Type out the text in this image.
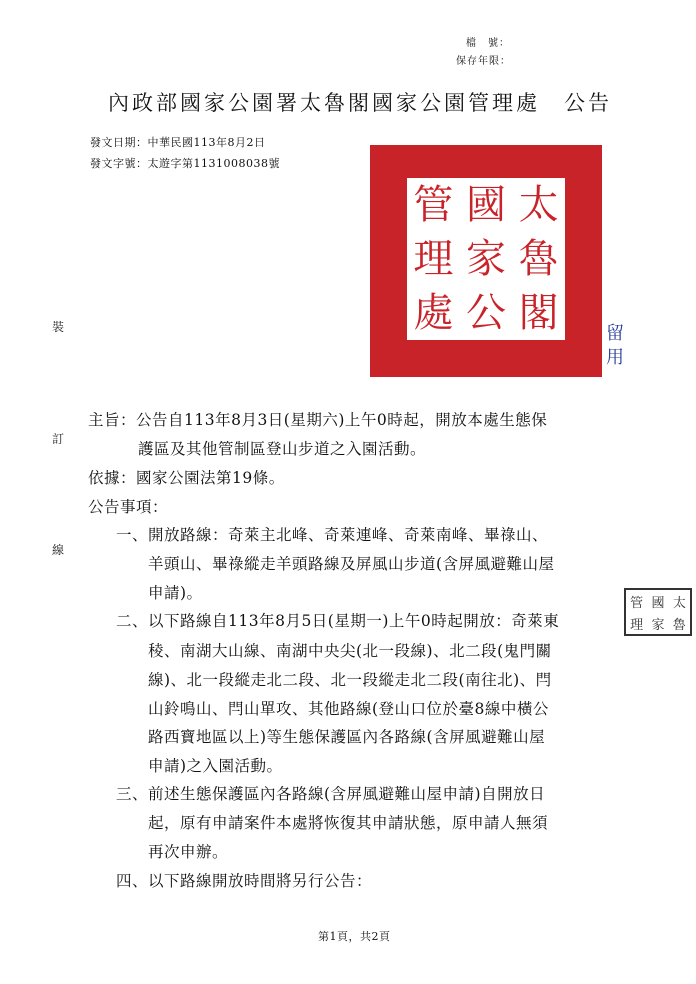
檔　號：
保存年限：
內政部國家公園署太魯閣國家公園管理處　公告
發文日期：中華民國113年8月2日
發文字號：太遊字第1131008038號
裝
訂
線
管 國 太
理 家 魯
處 公 閣	留用
管 國 太
理 家 魯
主旨：公告自113年8月3日(星期六)上午0時起，開放本處生態保
護區及其他管制區登山步道之入園活動。
依據：國家公園法第19條。
公告事項：
一、開放路線：奇萊主北峰、奇萊連峰、奇萊南峰、畢祿山、
羊頭山、畢祿縱走羊頭路線及屏風山步道(含屏風避難山屋
申請)。
二、以下路線自113年8月5日(星期一)上午0時起開放：奇萊東
稜、南湖大山線、南湖中央尖(北一段線)、北二段(鬼門關
線)、北一段縱走北二段、北一段縱走北二段(南往北)、閂
山鈴鳴山、閂山單攻、其他路線(登山口位於臺8線中橫公
路西寶地區以上)等生態保護區內各路線(含屏風避難山屋
申請)之入園活動。
三、前述生態保護區內各路線(含屏風避難山屋申請)自開放日
起，原有申請案件本處將恢復其申請狀態，原申請人無須
再次申辦。
四、以下路線開放時間將另行公告：
第1頁，共2頁
